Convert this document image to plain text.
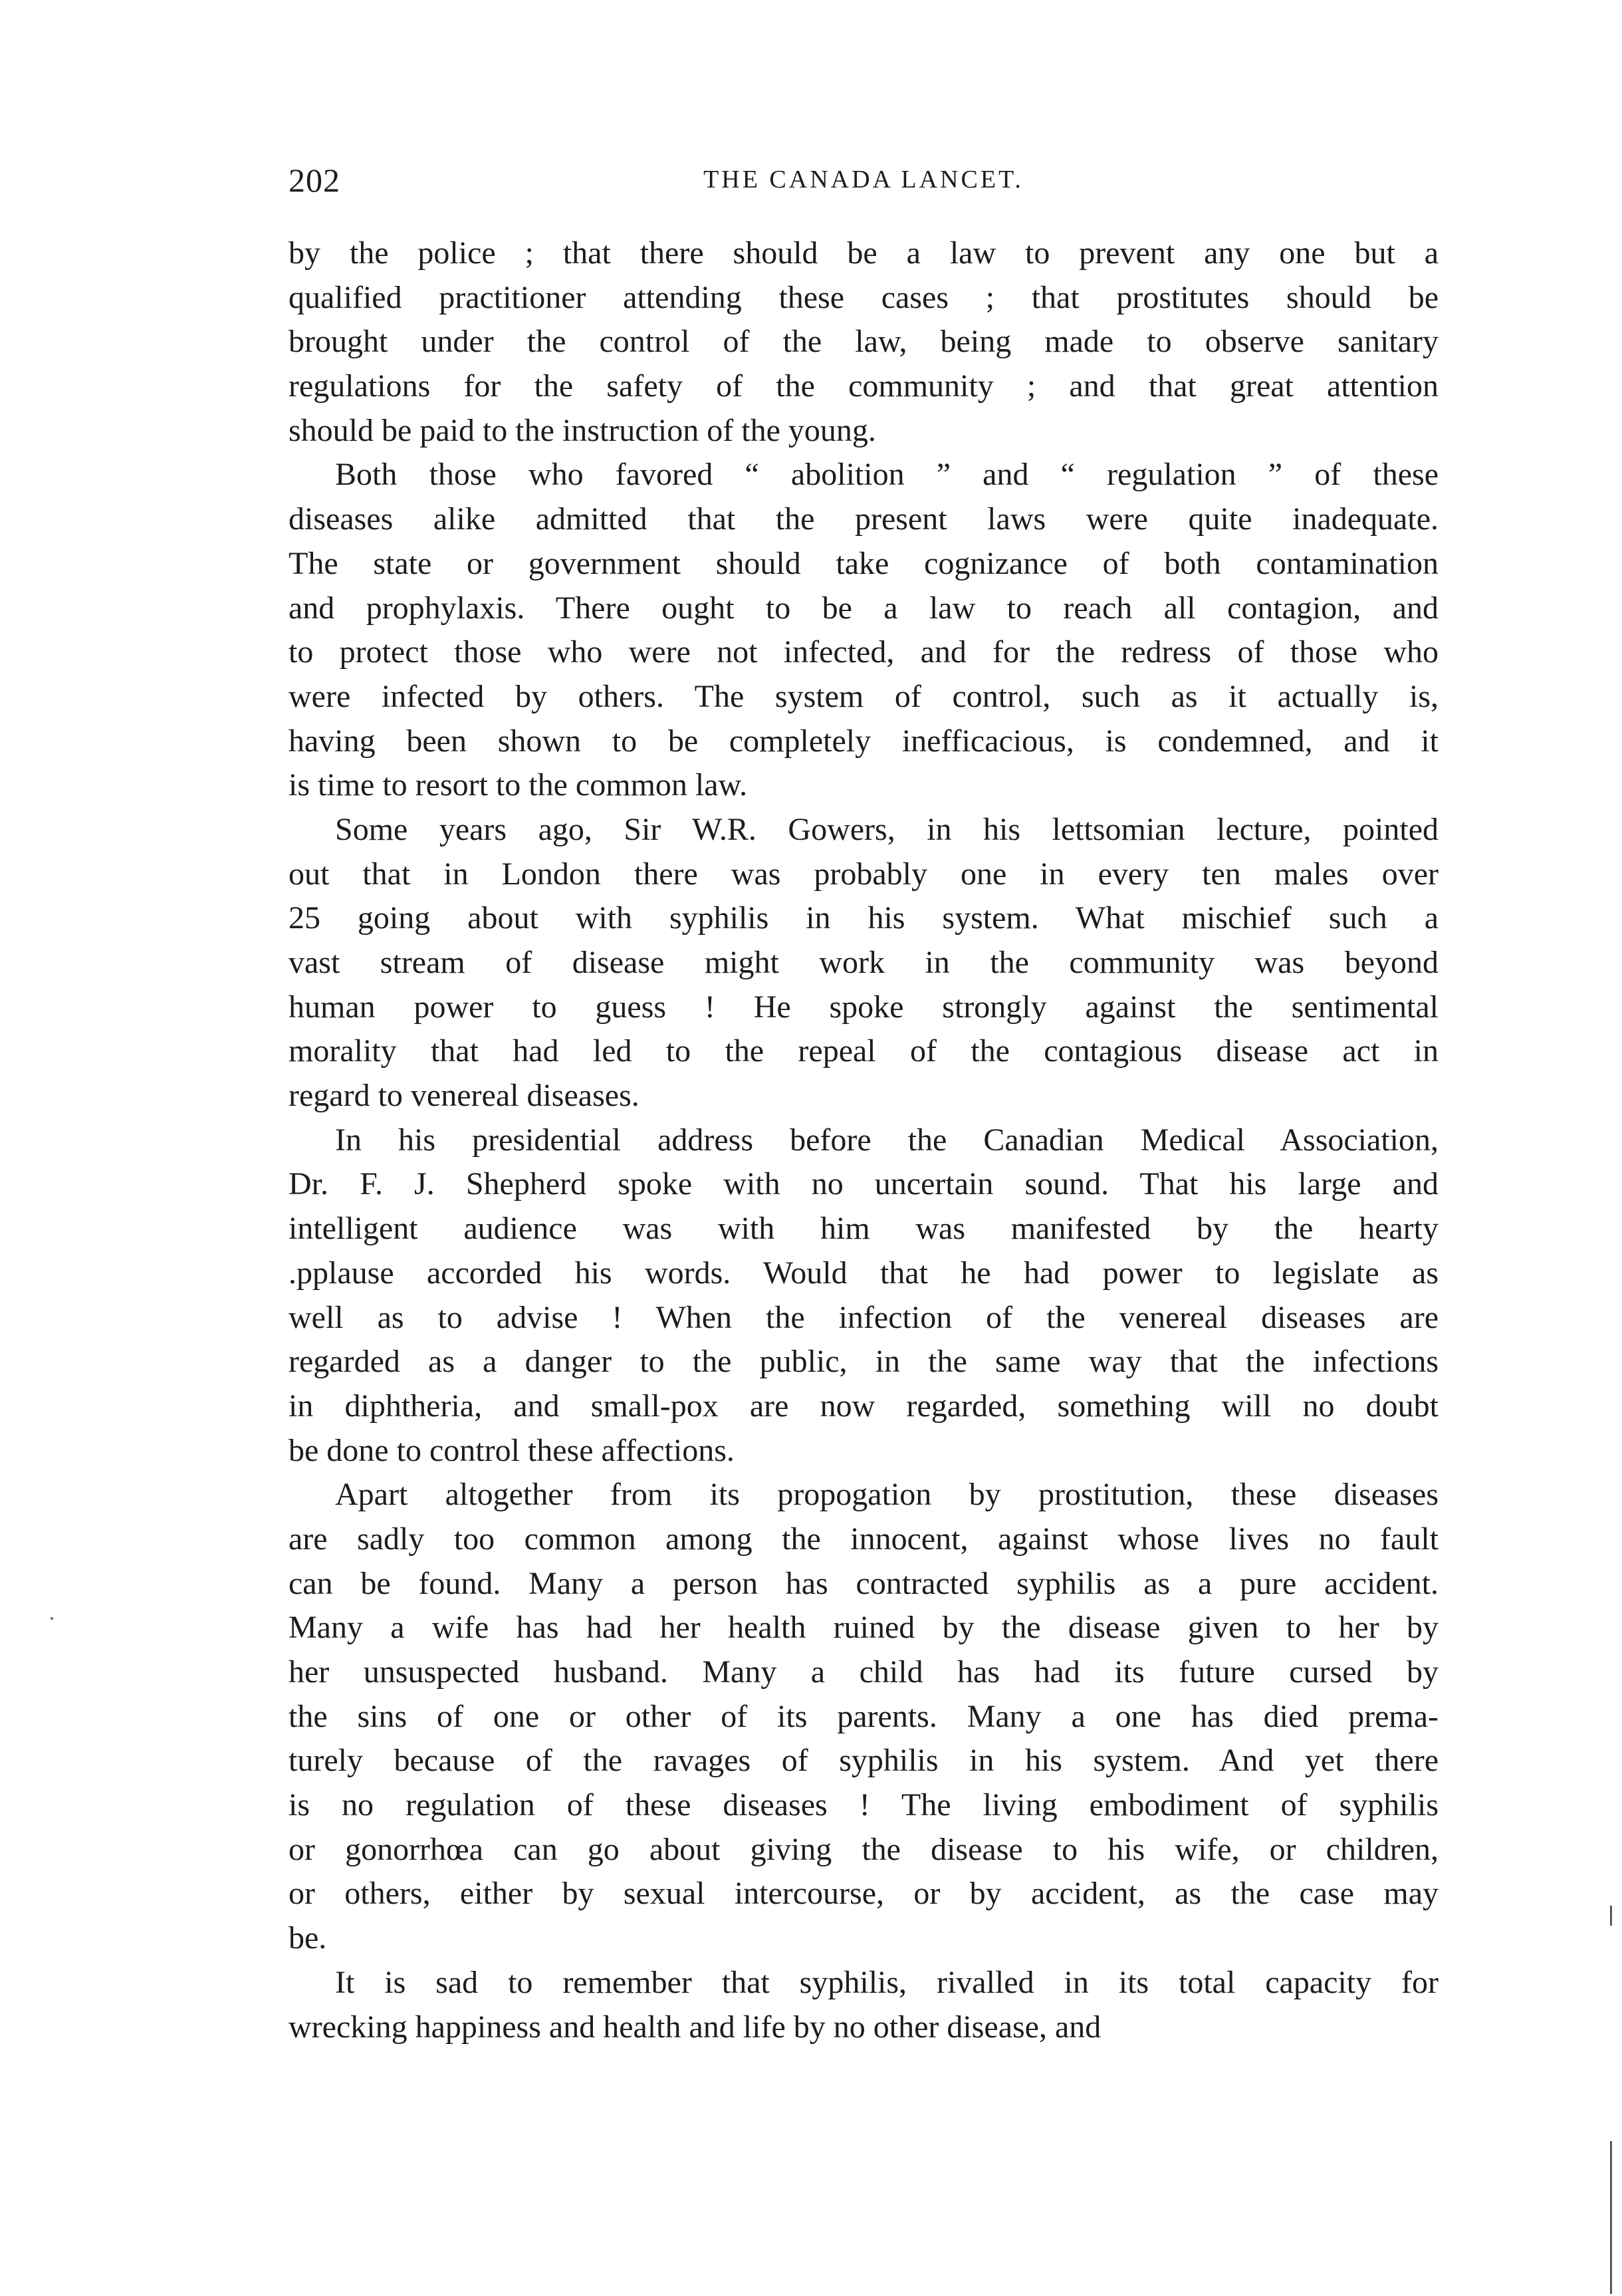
202	THE CANADA LANCET.
by the police ; that there should be a law to prevent any one but a
qualified practitioner attending these cases ; that prostitutes should be
brought under the control of the law, being made to observe sanitary
regulations for the safety of the community ; and that great attention
should be paid to the instruction of the young.
Both those who favored “ abolition ” and “ regulation ” of these
diseases alike admitted that the present laws were quite inadequate.
The state or government should take cognizance of both contamination
and prophylaxis. There ought to be a law to reach all contagion, and
to protect those who were not infected, and for the redress of those who
were infected by others. The system of control, such as it actually is,
having been shown to be completely inefficacious, is condemned, and it
is time to resort to the common law.
Some years ago, Sir W.R. Gowers, in his lettsomian lecture, pointed
out that in London there was probably one in every ten males over
25 going about with syphilis in his system. What mischief such a
vast stream of disease might work in the community was beyond
human power to guess ! He spoke strongly against the sentimental
morality that had led to the repeal of the contagious disease act in
regard to venereal diseases.
In his presidential address before the Canadian Medical Association,
Dr. F. J. Shepherd spoke with no uncertain sound. That his large and
intelligent audience was with him was manifested by the hearty
.pplause accorded his words. Would that he had power to legislate as
well as to advise ! When the infection of the venereal diseases are
regarded as a danger to the public, in the same way that the infections
in diphtheria, and small-pox are now regarded, something will no doubt
be done to control these affections.
Apart altogether from its propogation by prostitution, these diseases
are sadly too common among the innocent, against whose lives no fault
can be found. Many a person has contracted syphilis as a pure accident.
Many a wife has had her health ruined by the disease given to her by
her unsuspected husband. Many a child has had its future cursed by
the sins of one or other of its parents. Many a one has died prema-
turely because of the ravages of syphilis in his system. And yet there
is no regulation of these diseases ! The living embodiment of syphilis
or gonorrhœa can go about giving the disease to his wife, or children,
or others, either by sexual intercourse, or by accident, as the case may
be.
It is sad to remember that syphilis, rivalled in its total capacity for
wrecking happiness and health and life by no other disease, and
